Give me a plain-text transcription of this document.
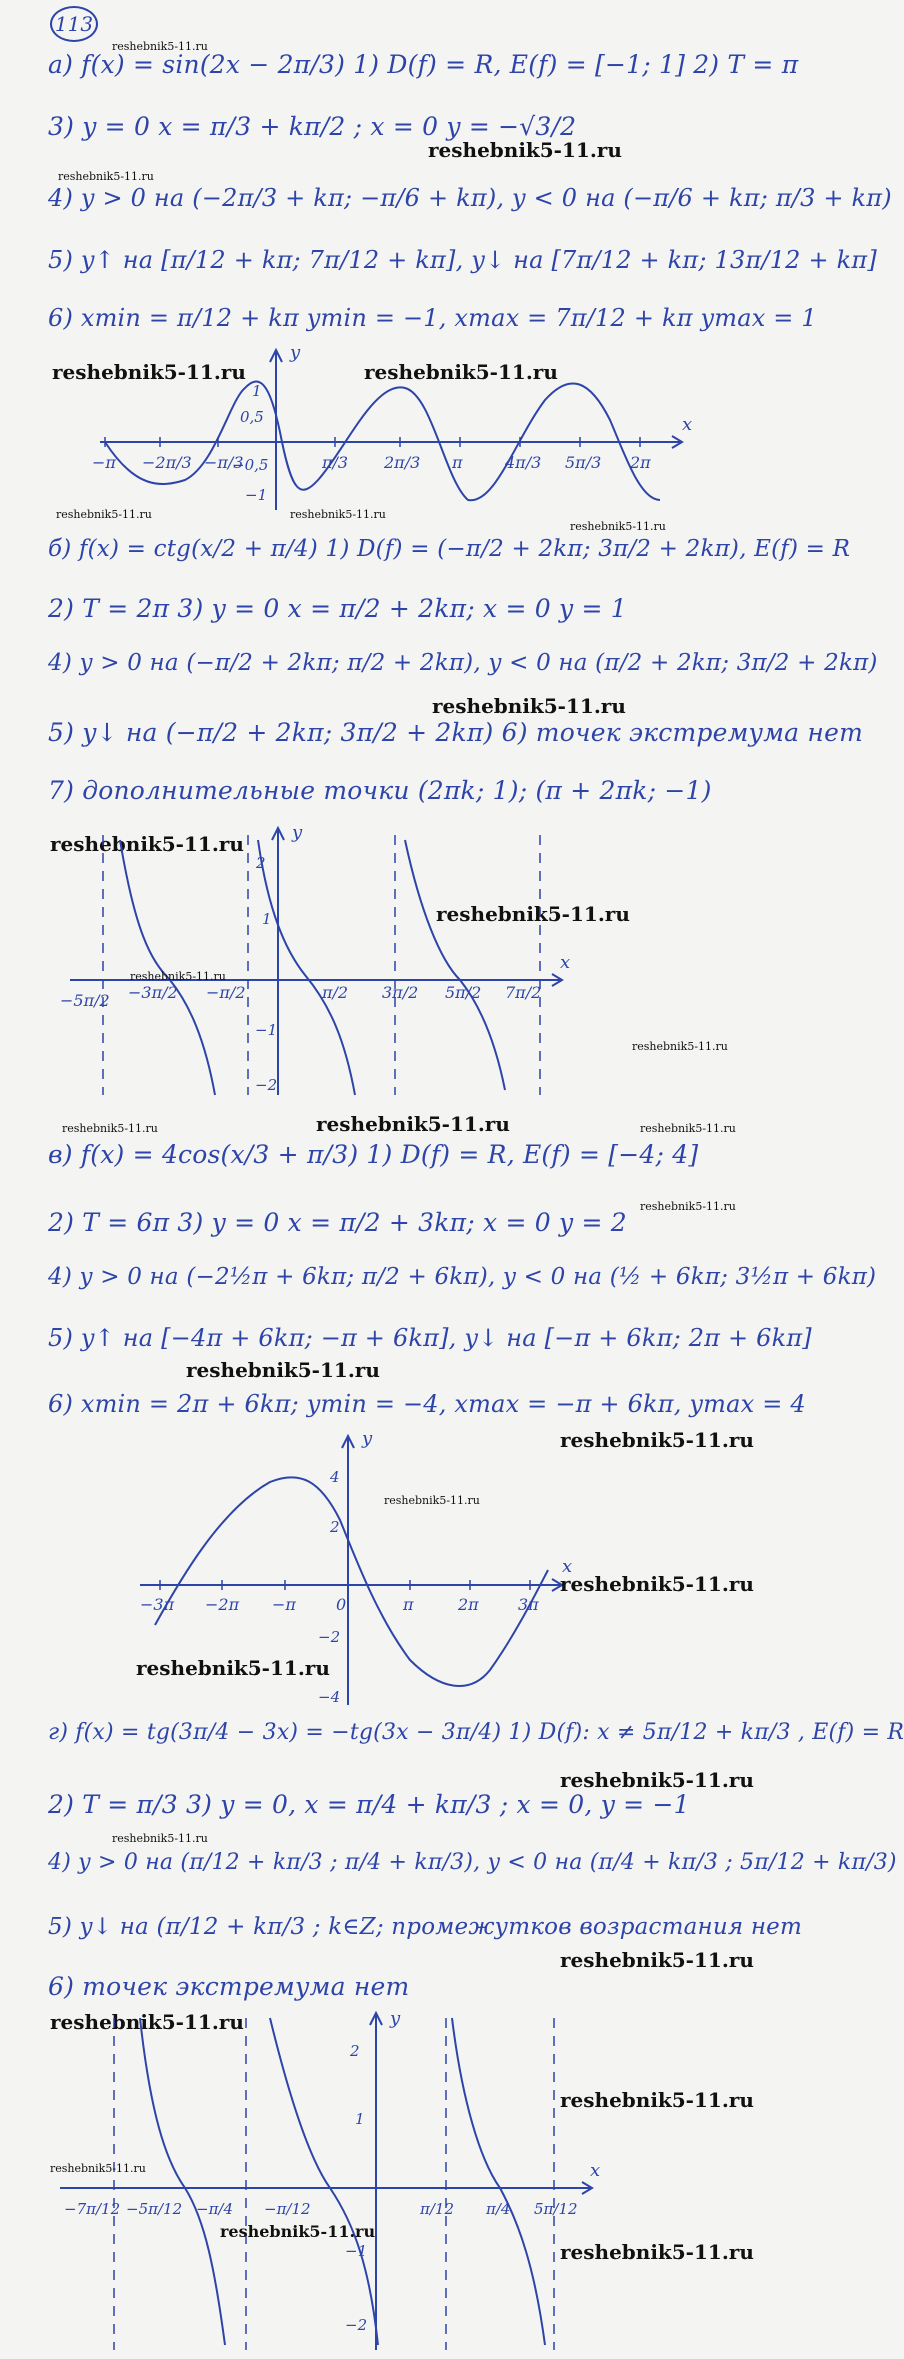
113
reshebnik5-11.ru
а) f(x) = sin(2x − 2π/3) 1) D(f) = R, E(f) = [−1; 1] 2) T = π
3) y = 0 x = π/3 + kπ/2 ; x = 0 y = −√3/2
reshebnik5-11.ru
reshebnik5-11.ru
4) y > 0 на (−2π/3 + kπ; −π/6 + kπ), y < 0 на (−π/6 + kπ; π/3 + kπ)
5) y↑ на [π/12 + kπ; 7π/12 + kπ], y↓ на [7π/12 + kπ; 13π/12 + kπ]
6) xmin = π/12 + kπ ymin = −1, xmax = 7π/12 + kπ ymax = 1
reshebnik5-11.ru	reshebnik5-11.ru
x
y
−π −2π/3 −π/3	π/3 2π/3 π	4π/3 5π/3 2π
1
0,5
−0,5
−1
reshebnik5-11.ru	reshebnik5-11.ru
reshebnik5-11.ru
б) f(x) = ctg(x/2 + π/4) 1) D(f) = (−π/2 + 2kπ; 3π/2 + 2kπ), E(f) = R
2) T = 2π 3) y = 0 x = π/2 + 2kπ; x = 0 y = 1
4) y > 0 на (−π/2 + 2kπ; π/2 + 2kπ), y < 0 на (π/2 + 2kπ; 3π/2 + 2kπ)
reshebnik5-11.ru
5) y↓ на (−π/2 + 2kπ; 3π/2 + 2kπ) 6) точек экстремума нет
7) дополнительные точки (2πk; 1); (π + 2πk; −1)
reshebnik5-11.ru
reshebnik5-11.ru
x
y
−5π/2 −3π/2 −π/2	π/2 3π/2 5π/2 7π/2
2
1
−1
−2
reshebnik5-11.ru
reshebnik5-11.ru
reshebnik5-11.ru	reshebnik5-11.ru	reshebnik5-11.ru
в) f(x) = 4cos(x/3 + π/3) 1) D(f) = R, E(f) = [−4; 4]
reshebnik5-11.ru
2) T = 6π 3) y = 0 x = π/2 + 3kπ; x = 0 y = 2
4) y > 0 на (−2½π + 6kπ; π/2 + 6kπ), y < 0 на (½ + 6kπ; 3½π + 6kπ)
5) y↑ на [−4π + 6kπ; −π + 6kπ], y↓ на [−π + 6kπ; 2π + 6kπ]
reshebnik5-11.ru
6) xmin = 2π + 6kπ; ymin = −4, xmax = −π + 6kπ, ymax = 4
reshebnik5-11.ru
x
y
−3π −2π −π	0	π	2π 3π
4
2
−2
−4
reshebnik5-11.ru
reshebnik5-11.ru
reshebnik5-11.ru
г) f(x) = tg(3π/4 − 3x) = −tg(3x − 3π/4) 1) D(f): x ≠ 5π/12 + kπ/3 , E(f) = R
reshebnik5-11.ru
2) T = π/3 3) y = 0, x = π/4 + kπ/3 ; x = 0, y = −1
reshebnik5-11.ru
4) y > 0 на (π/12 + kπ/3 ; π/4 + kπ/3), y < 0 на (π/4 + kπ/3 ; 5π/12 + kπ/3)
5) y↓ на (π/12 + kπ/3 ; k∈Z; промежутков возрастания нет
reshebnik5-11.ru
6) точек экстремума нет
reshebnik5-11.ru
reshebnik5-11.ru
x
y
−7π/12 −5π/12 −π/4 −π/12	π/12 π/4 5π/12
2
1
−1
−2
reshebnik5-11.ru
reshebnik5-11.ru
reshebnik5-11.ru
